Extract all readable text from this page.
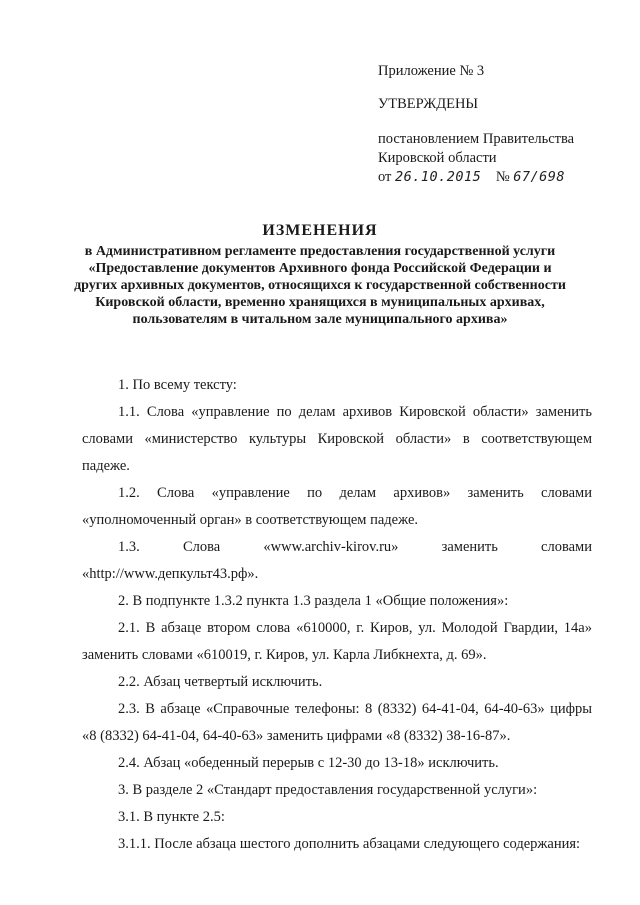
Приложение № 3
УТВЕРЖДЕНЫ
постановлением Правительства
Кировской области
от 26.10.2015 № 67/698
ИЗМЕНЕНИЯ
в Административном регламенте предоставления государственной услуги «Предоставление документов Архивного фонда Российской Федерации и других архивных документов, относящихся к государственной собственности Кировской области, временно хранящихся в муниципальных архивах, пользователям в читальном зале муниципального архива»

1. По всему тексту:

1.1. Слова «управление по делам архивов Кировской области» заменить словами «министерство культуры Кировской области» в соответствующем падеже.

1.2. Слова «управление по делам архивов» заменить словами «уполномоченный орган» в соответствующем падеже.

1.3. Слова «www.archiv-kirov.ru» заменить словами «http://www.депкульт43.рф».

2. В подпункте 1.3.2 пункта 1.3 раздела 1 «Общие положения»:

2.1. В абзаце втором слова «610000, г. Киров, ул. Молодой Гвардии, 14а» заменить словами «610019, г. Киров, ул. Карла Либкнехта, д. 69».

2.2. Абзац четвертый исключить.

2.3. В абзаце «Справочные телефоны: 8 (8332) 64-41-04, 64-40-63» цифры «8 (8332) 64-41-04, 64-40-63» заменить цифрами «8 (8332) 38-16-87».

2.4. Абзац «обеденный перерыв с 12-30 до 13-18» исключить.

3. В разделе 2 «Стандарт предоставления государственной услуги»:

3.1. В пункте 2.5:

3.1.1. После абзаца шестого дополнить абзацами следующего содержания:
